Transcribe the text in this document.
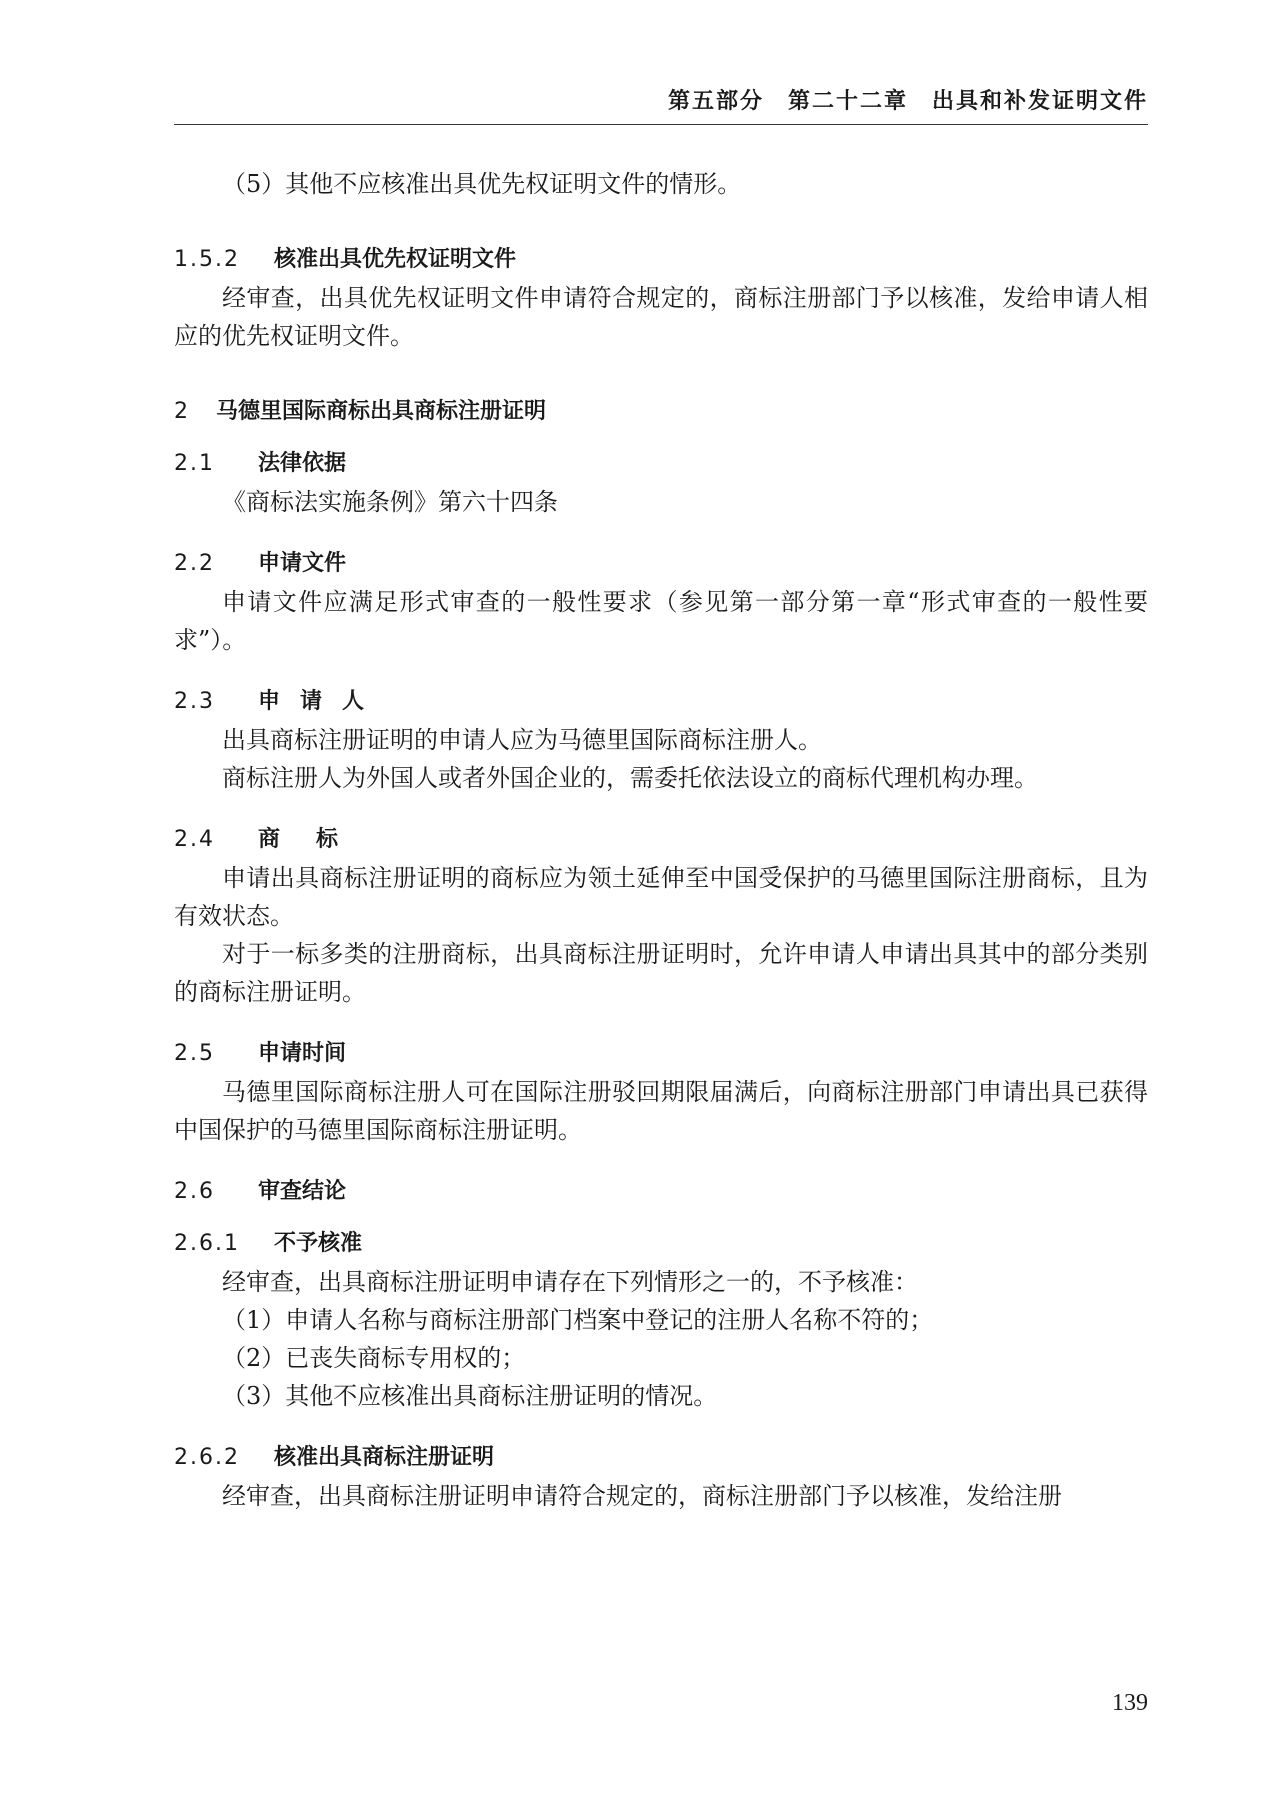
第五部分　第二十二章　出具和补发证明文件

（5）其他不应核准出具优先权证明文件的情形。

1.5.2 核准出具优先权证明文件

经审查，出具优先权证明文件申请符合规定的，商标注册部门予以核准，发给申请人相应的优先权证明文件。

2 马德里国际商标出具商标注册证明

2.1 法律依据

《商标法实施条例》第六十四条

2.2 申请文件

申请文件应满足形式审查的一般性要求（参见第一部分第一章“形式审查的一般性要求”）。

2.3 申请人

出具商标注册证明的申请人应为马德里国际商标注册人。

商标注册人为外国人或者外国企业的，需委托依法设立的商标代理机构办理。

2.4 商标

申请出具商标注册证明的商标应为领土延伸至中国受保护的马德里国际注册商标，且为有效状态。

对于一标多类的注册商标，出具商标注册证明时，允许申请人申请出具其中的部分类别的商标注册证明。

2.5 申请时间

马德里国际商标注册人可在国际注册驳回期限届满后，向商标注册部门申请出具已获得中国保护的马德里国际商标注册证明。

2.6 审查结论

2.6.1 不予核准

经审查，出具商标注册证明申请存在下列情形之一的，不予核准：

（1）申请人名称与商标注册部门档案中登记的注册人名称不符的；

（2）已丧失商标专用权的；

（3）其他不应核准出具商标注册证明的情况。

2.6.2 核准出具商标注册证明

经审查，出具商标注册证明申请符合规定的，商标注册部门予以核准，发给注册

139
